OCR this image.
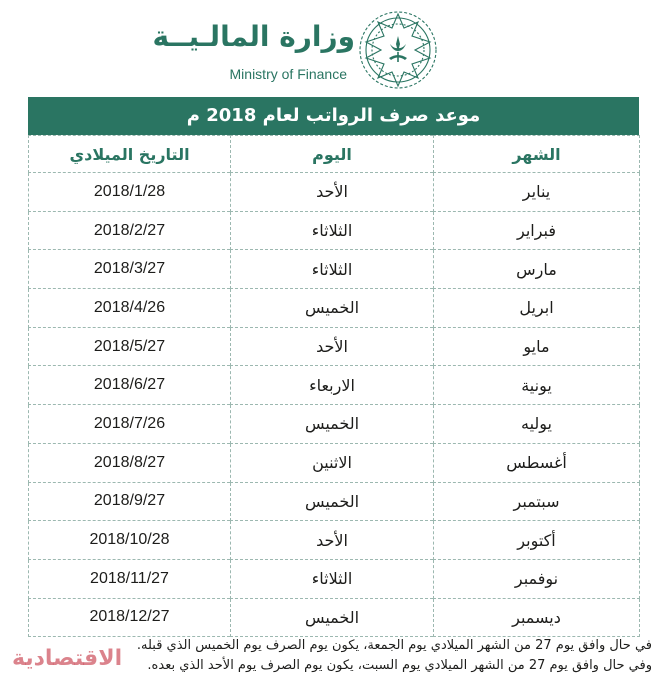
وزارة المالـيــة
Ministry of Finance
موعد صرف الرواتب لعام 2018 م
الشهر	اليوم	التاريخ الميلادي
يناير	الأحد	2018/1/28
فبراير	الثلاثاء	2018/2/27
مارس	الثلاثاء	2018/3/27
ابريل	الخميس	2018/4/26
مايو	الأحد	2018/5/27
يونية	الاربعاء	2018/6/27
يوليه	الخميس	2018/7/26
أغسطس	الاثنين	2018/8/27
سبتمبر	الخميس	2018/9/27
أكتوبر	الأحد	2018/10/28
نوفمبر	الثلاثاء	2018/11/27
ديسمبر	الخميس	2018/12/27

في حال وافق يوم 27 من الشهر الميلادي يوم الجمعة، يكون يوم الصرف يوم الخميس الذي قبله.

وفي حال وافق يوم 27 من الشهر الميلادي يوم السبت، يكون يوم الصرف يوم الأحد الذي بعده.

الاقتصادية
